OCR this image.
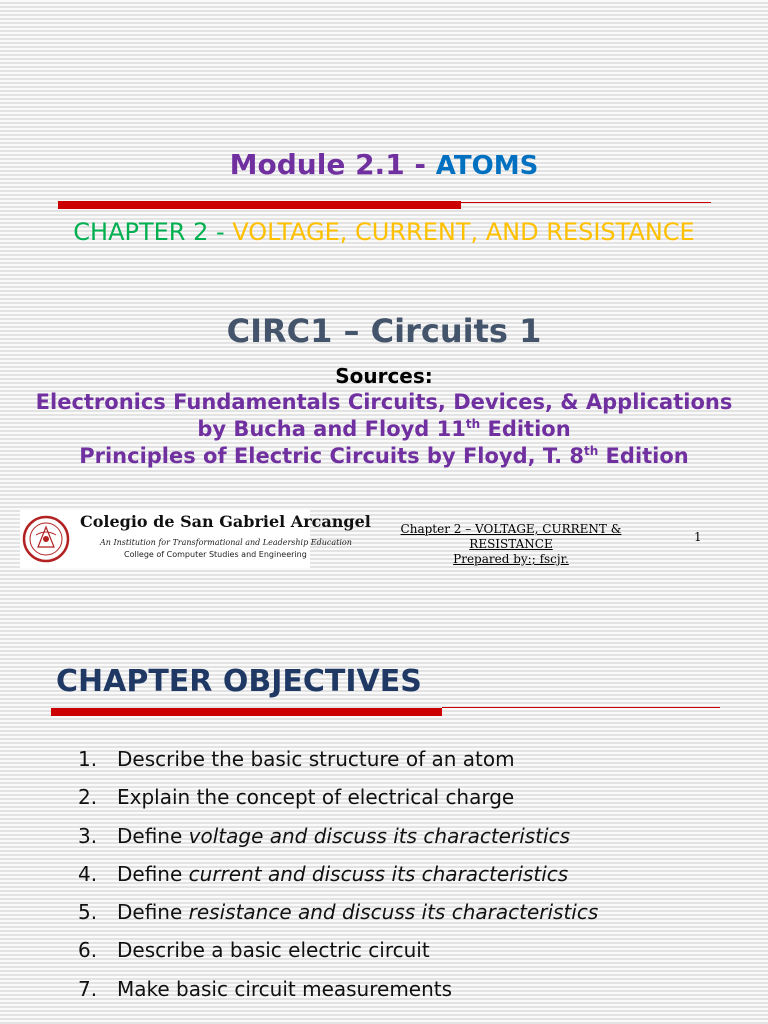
Module 2.1 - ATOMS
CHAPTER 2 - VOLTAGE, CURRENT, AND RESISTANCE
CIRC1 – Circuits 1
Sources:
Electronics Fundamentals Circuits, Devices, & Applications
by Bucha and Floyd 11th Edition
Principles of Electric Circuits by Floyd, T. 8th Edition
Colegio de San Gabriel Arcangel
An Institution for Transformational and Leadership Education
College of Computer Studies and Engineering
Chapter 2 – VOLTAGE, CURRENT &
RESISTANCE
Prepared by:; fscjr.
1
CHAPTER OBJECTIVES
1. Describe the basic structure of an atom
2. Explain the concept of electrical charge
3. Define voltage and discuss its characteristics
4. Define current and discuss its characteristics
5. Define resistance and discuss its characteristics
6. Describe a basic electric circuit
7. Make basic circuit measurements
